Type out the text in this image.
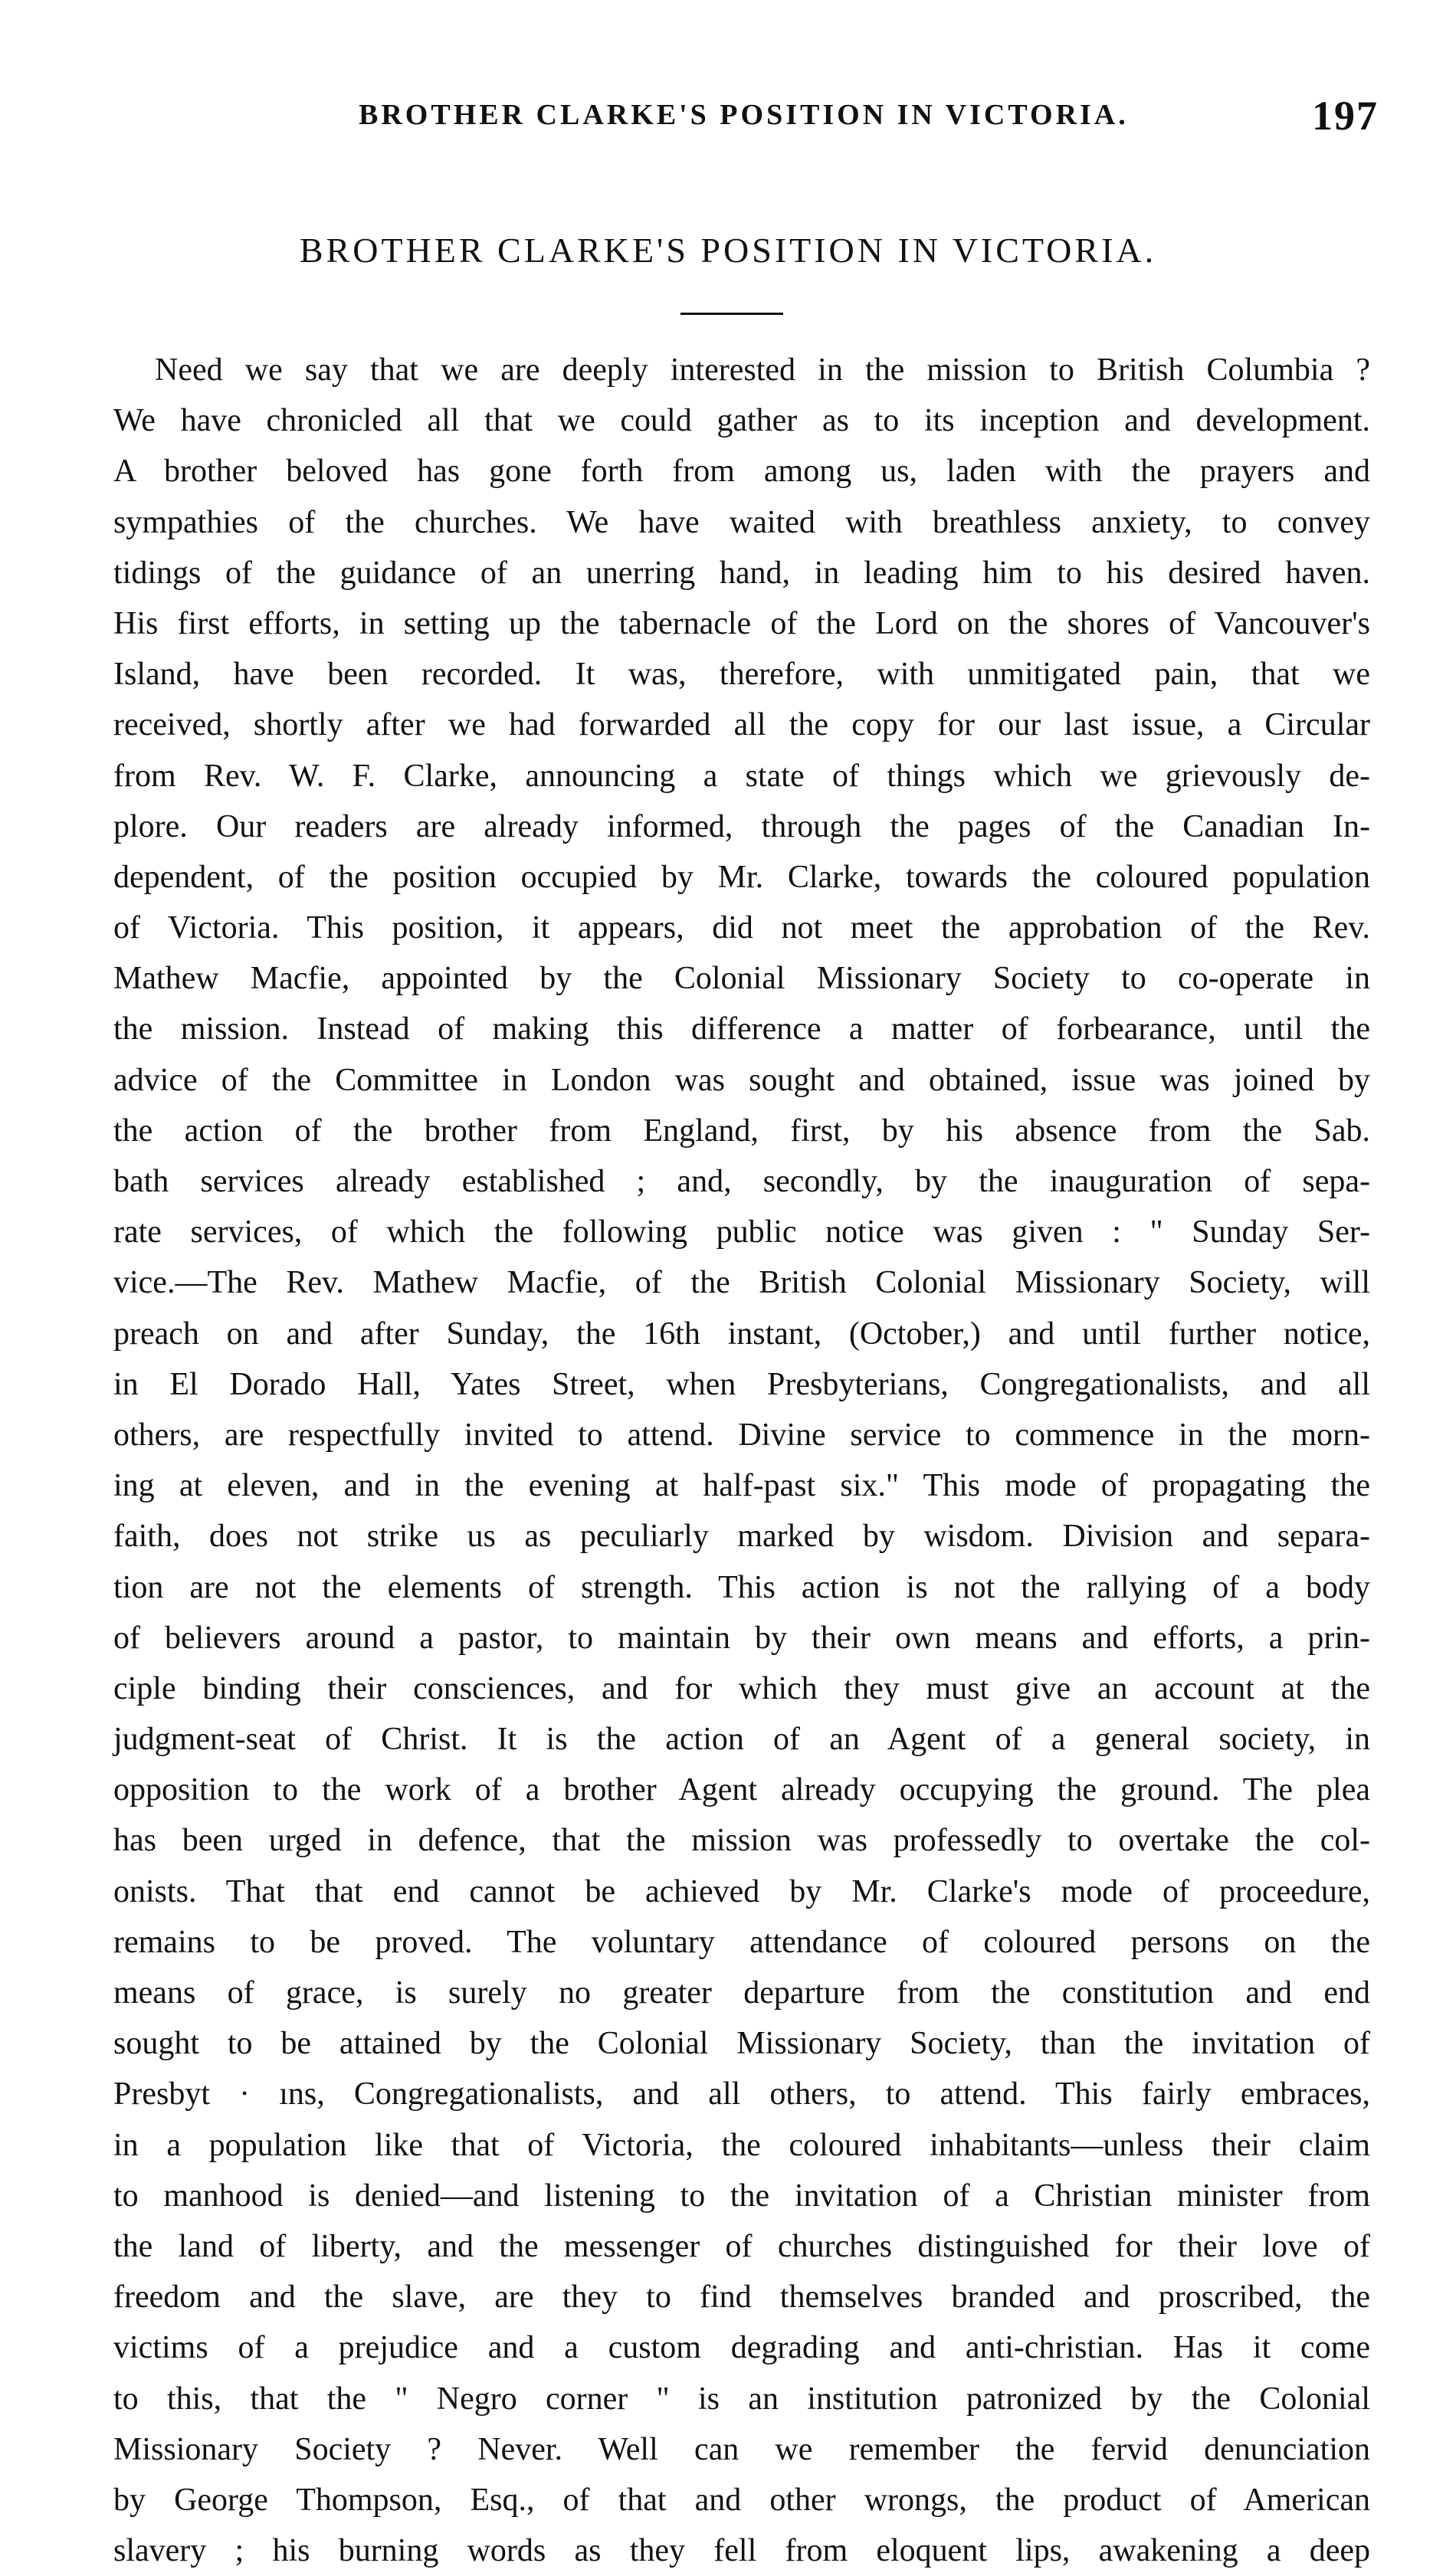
BROTHER CLARKE'S POSITION IN VICTORIA.	197
BROTHER CLARKE'S POSITION IN VICTORIA.
Need we say that we are deeply interested in the mission to British Columbia ?
We have chronicled all that we could gather as to its inception and development.
A brother beloved has gone forth from among us, laden with the prayers and
sympathies of the churches. We have waited with breathless anxiety, to convey
tidings of the guidance of an unerring hand, in leading him to his desired haven.
His first efforts, in setting up the tabernacle of the Lord on the shores of Vancouver's
Island, have been recorded. It was, therefore, with unmitigated pain, that we
received, shortly after we had forwarded all the copy for our last issue, a Circular
from Rev. W. F. Clarke, announcing a state of things which we grievously de-
plore. Our readers are already informed, through the pages of the Canadian In-
dependent, of the position occupied by Mr. Clarke, towards the coloured population
of Victoria. This position, it appears, did not meet the approbation of the Rev.
Mathew Macfie, appointed by the Colonial Missionary Society to co-operate in
the mission. Instead of making this difference a matter of forbearance, until the
advice of the Committee in London was sought and obtained, issue was joined by
the action of the brother from England, first, by his absence from the Sab.
bath services already established ; and, secondly, by the inauguration of sepa-
rate services, of which the following public notice was given : " Sunday Ser-
vice.—The Rev. Mathew Macfie, of the British Colonial Missionary Society, will
preach on and after Sunday, the 16th instant, (October,) and until further notice,
in El Dorado Hall, Yates Street, when Presbyterians, Congregationalists, and all
others, are respectfully invited to attend. Divine service to commence in the morn-
ing at eleven, and in the evening at half-past six." This mode of propagating the
faith, does not strike us as peculiarly marked by wisdom. Division and separa-
tion are not the elements of strength. This action is not the rallying of a body
of believers around a pastor, to maintain by their own means and efforts, a prin-
ciple binding their consciences, and for which they must give an account at the
judgment-seat of Christ. It is the action of an Agent of a general society, in
opposition to the work of a brother Agent already occupying the ground. The plea
has been urged in defence, that the mission was professedly to overtake the col-
onists. That that end cannot be achieved by Mr. Clarke's mode of proceedure,
remains to be proved. The voluntary attendance of coloured persons on the
means of grace, is surely no greater departure from the constitution and end
sought to be attained by the Colonial Missionary Society, than the invitation of
Presbyt · ıns, Congregationalists, and all others, to attend. This fairly embraces,
in a population like that of Victoria, the coloured inhabitants—unless their claim
to manhood is denied—and listening to the invitation of a Christian minister from
the land of liberty, and the messenger of churches distinguished for their love of
freedom and the slave, are they to find themselves branded and proscribed, the
victims of a prejudice and a custom degrading and anti-christian. Has it come
to this, that the " Negro corner " is an institution patronized by the Colonial
Missionary Society ? Never. Well can we remember the fervid denunciation
by George Thompson, Esq., of that and other wrongs, the product of American
slavery ; his burning words as they fell from eloquent lips, awakening a deep
